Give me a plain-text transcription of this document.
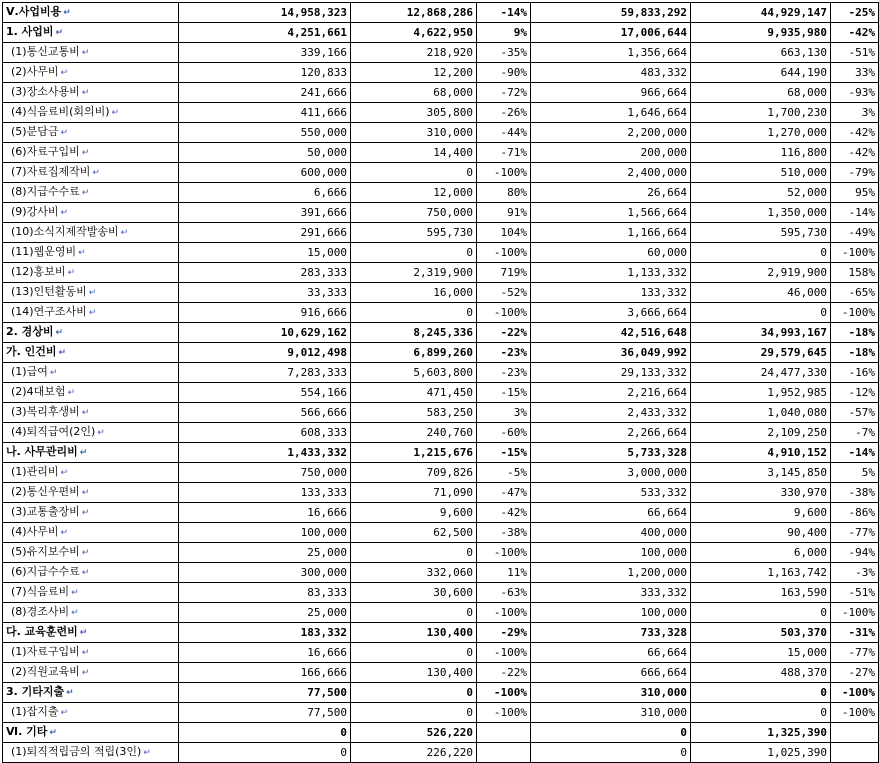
Ⅴ.사업비용 ↵	14,958,323	12,868,286	-14%	59,833,292	44,929,147	-25%
1. 사업비 ↵	4,251,661	4,622,950	9%	17,006,644	9,935,980	-42%
(1)통신교통비 ↵	339,166	218,920	-35%	1,356,664	663,130	-51%
(2)사무비 ↵	120,833	12,200	-90%	483,332	644,190	33%
(3)장소사용비 ↵	241,666	68,000	-72%	966,664	68,000	-93%
(4)식음료비(회의비) ↵	411,666	305,800	-26%	1,646,664	1,700,230	3%
(5)분담금 ↵	550,000	310,000	-44%	2,200,000	1,270,000	-42%
(6)자료구입비 ↵	50,000	14,400	-71%	200,000	116,800	-42%
(7)자료집제작비 ↵	600,000	0	-100%	2,400,000	510,000	-79%
(8)지급수수료 ↵	6,666	12,000	80%	26,664	52,000	95%
(9)강사비 ↵	391,666	750,000	91%	1,566,664	1,350,000	-14%
(10)소식지제작발송비 ↵	291,666	595,730	104%	1,166,664	595,730	-49%
(11)웹운영비 ↵	15,000	0	-100%	60,000	0	-100%
(12)홍보비 ↵	283,333	2,319,900	719%	1,133,332	2,919,900	158%
(13)인턴활동비 ↵	33,333	16,000	-52%	133,332	46,000	-65%
(14)연구조사비 ↵	916,666	0	-100%	3,666,664	0	-100%
2. 경상비 ↵	10,629,162	8,245,336	-22%	42,516,648	34,993,167	-18%
가. 인건비 ↵	9,012,498	6,899,260	-23%	36,049,992	29,579,645	-18%
(1)급여 ↵	7,283,333	5,603,800	-23%	29,133,332	24,477,330	-16%
(2)4대보험 ↵	554,166	471,450	-15%	2,216,664	1,952,985	-12%
(3)복리후생비 ↵	566,666	583,250	3%	2,433,332	1,040,080	-57%
(4)퇴직급여(2인) ↵	608,333	240,760	-60%	2,266,664	2,109,250	-7%
나. 사무관리비 ↵	1,433,332	1,215,676	-15%	5,733,328	4,910,152	-14%
(1)관리비 ↵	750,000	709,826	-5%	3,000,000	3,145,850	5%
(2)통신우편비 ↵	133,333	71,090	-47%	533,332	330,970	-38%
(3)교통출장비 ↵	16,666	9,600	-42%	66,664	9,600	-86%
(4)사무비 ↵	100,000	62,500	-38%	400,000	90,400	-77%
(5)유지보수비 ↵	25,000	0	-100%	100,000	6,000	-94%
(6)지급수수료 ↵	300,000	332,060	11%	1,200,000	1,163,742	-3%
(7)식음료비 ↵	83,333	30,600	-63%	333,332	163,590	-51%
(8)경조사비 ↵	25,000	0	-100%	100,000	0	-100%
다. 교육훈련비 ↵	183,332	130,400	-29%	733,328	503,370	-31%
(1)자료구입비 ↵	16,666	0	-100%	66,664	15,000	-77%
(2)직원교육비 ↵	166,666	130,400	-22%	666,664	488,370	-27%
3. 기타지출 ↵	77,500	0	-100%	310,000	0	-100%
(1)잡지출 ↵	77,500	0	-100%	310,000	0	-100%
Ⅵ. 기타 ↵	0	526,220		0	1,325,390	
(1)퇴직적립금의 적립(3인) ↵	0	226,220		0	1,025,390	
